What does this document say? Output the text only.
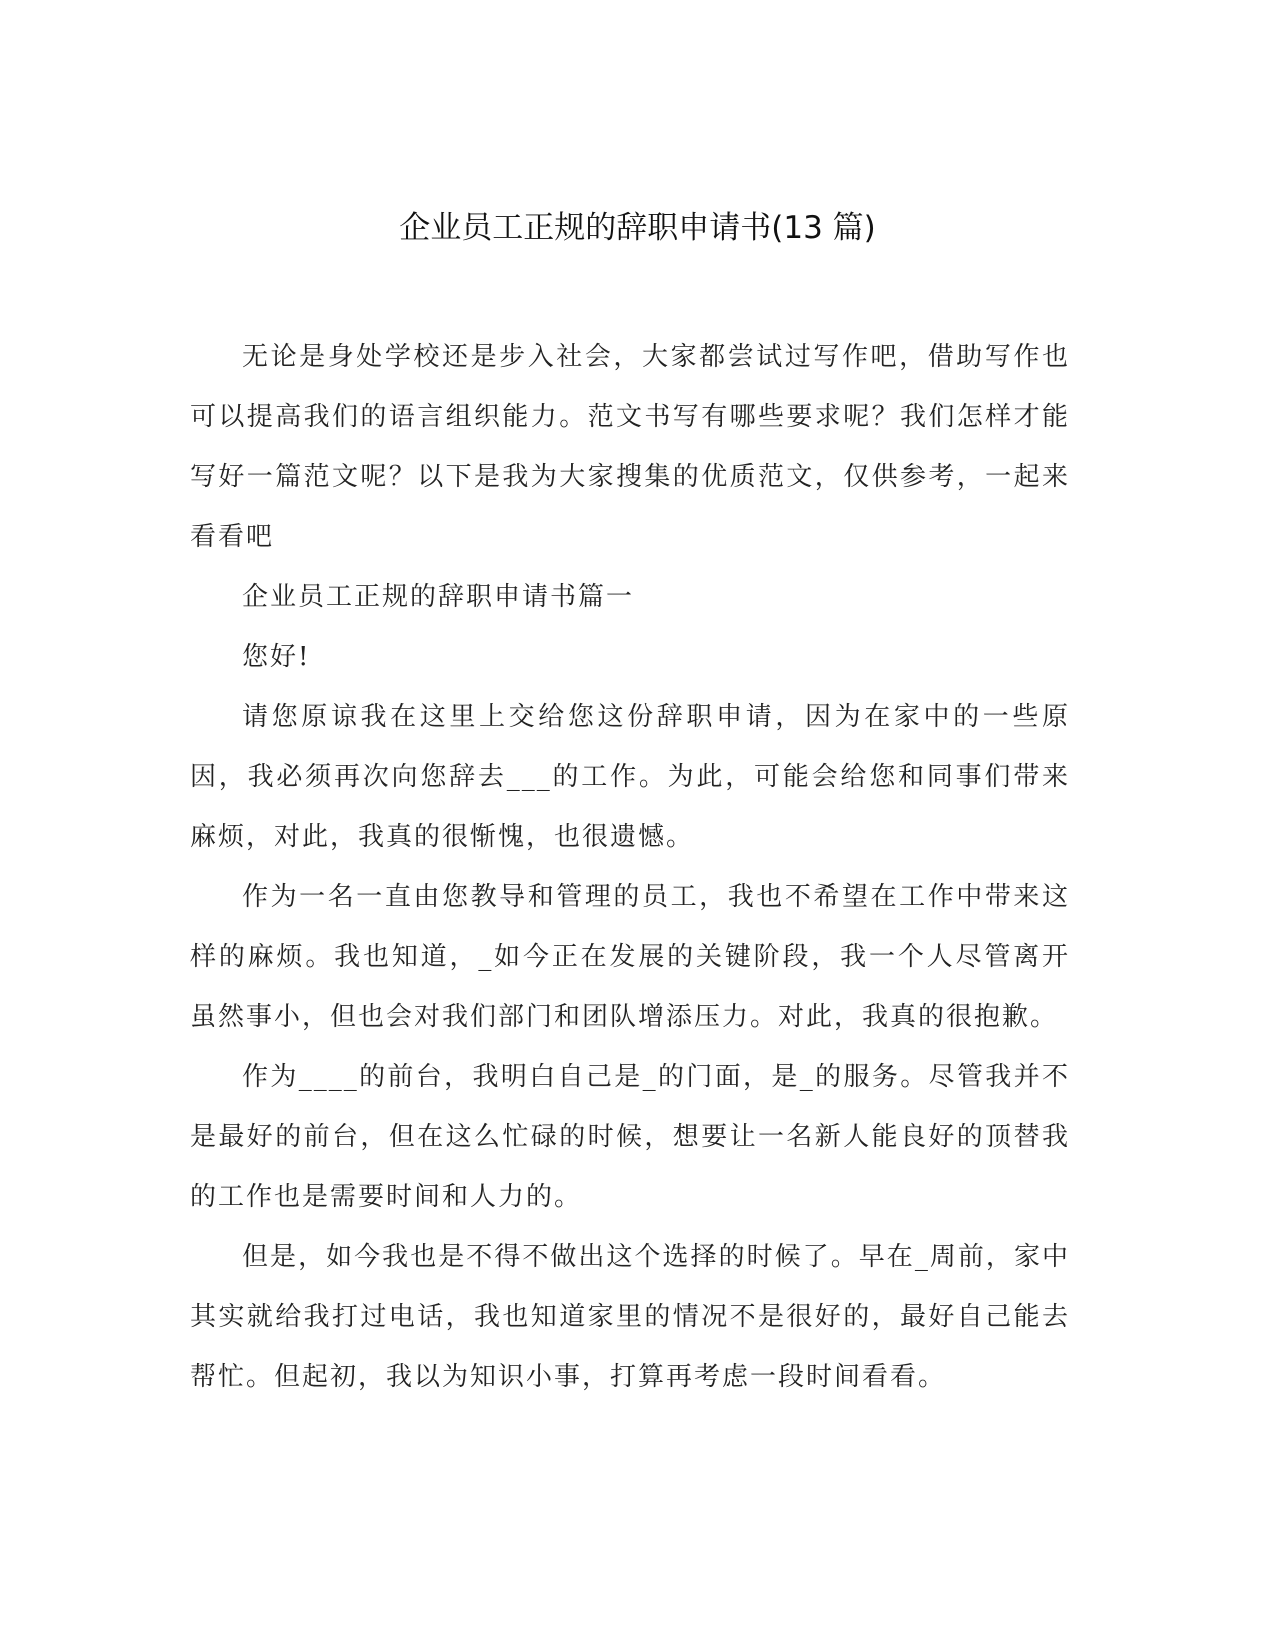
企业员工正规的辞职申请书(13 篇)

无论是身处学校还是步入社会，大家都尝试过写作吧，借助写作也可以提高我们的语言组织能力。范文书写有哪些要求呢？我们怎样才能写好一篇范文呢？以下是我为大家搜集的优质范文，仅供参考，一起来看看吧

企业员工正规的辞职申请书篇一

您好!

请您原谅我在这里上交给您这份辞职申请，因为在家中的一些原因，我必须再次向您辞去___的工作。为此，可能会给您和同事们带来麻烦，对此，我真的很惭愧，也很遗憾。

作为一名一直由您教导和管理的员工，我也不希望在工作中带来这样的麻烦。我也知道，_如今正在发展的关键阶段，我一个人尽管离开虽然事小，但也会对我们部门和团队增添压力。对此，我真的很抱歉。

作为____的前台，我明白自己是_的门面，是_的服务。尽管我并不是最好的前台，但在这么忙碌的时候，想要让一名新人能良好的顶替我的工作也是需要时间和人力的。

但是，如今我也是不得不做出这个选择的时候了。早在_周前，家中其实就给我打过电话，我也知道家里的情况不是很好的，最好自己能去帮忙。但起初，我以为知识小事，打算再考虑一段时间看看。
